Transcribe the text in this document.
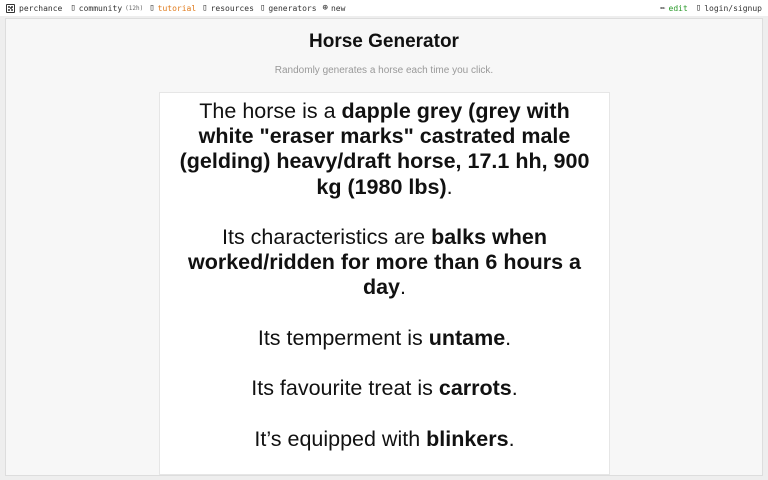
perchance ▯ community (12h) ▯ tutorial ▯ resources ▯ generators ⊕ new	✏ edit ▯ login/signup
Horse Generator
Randomly generates a horse each time you click.

The horse is a dapple grey (grey with white "eraser marks" castrated male (gelding) heavy/draft horse, 17.1 hh, 900 kg (1980 lbs).

Its characteristics are balks when worked/ridden for more than 6 hours a day.

Its temperment is untame.

Its favourite treat is carrots.

It’s equipped with blinkers.
